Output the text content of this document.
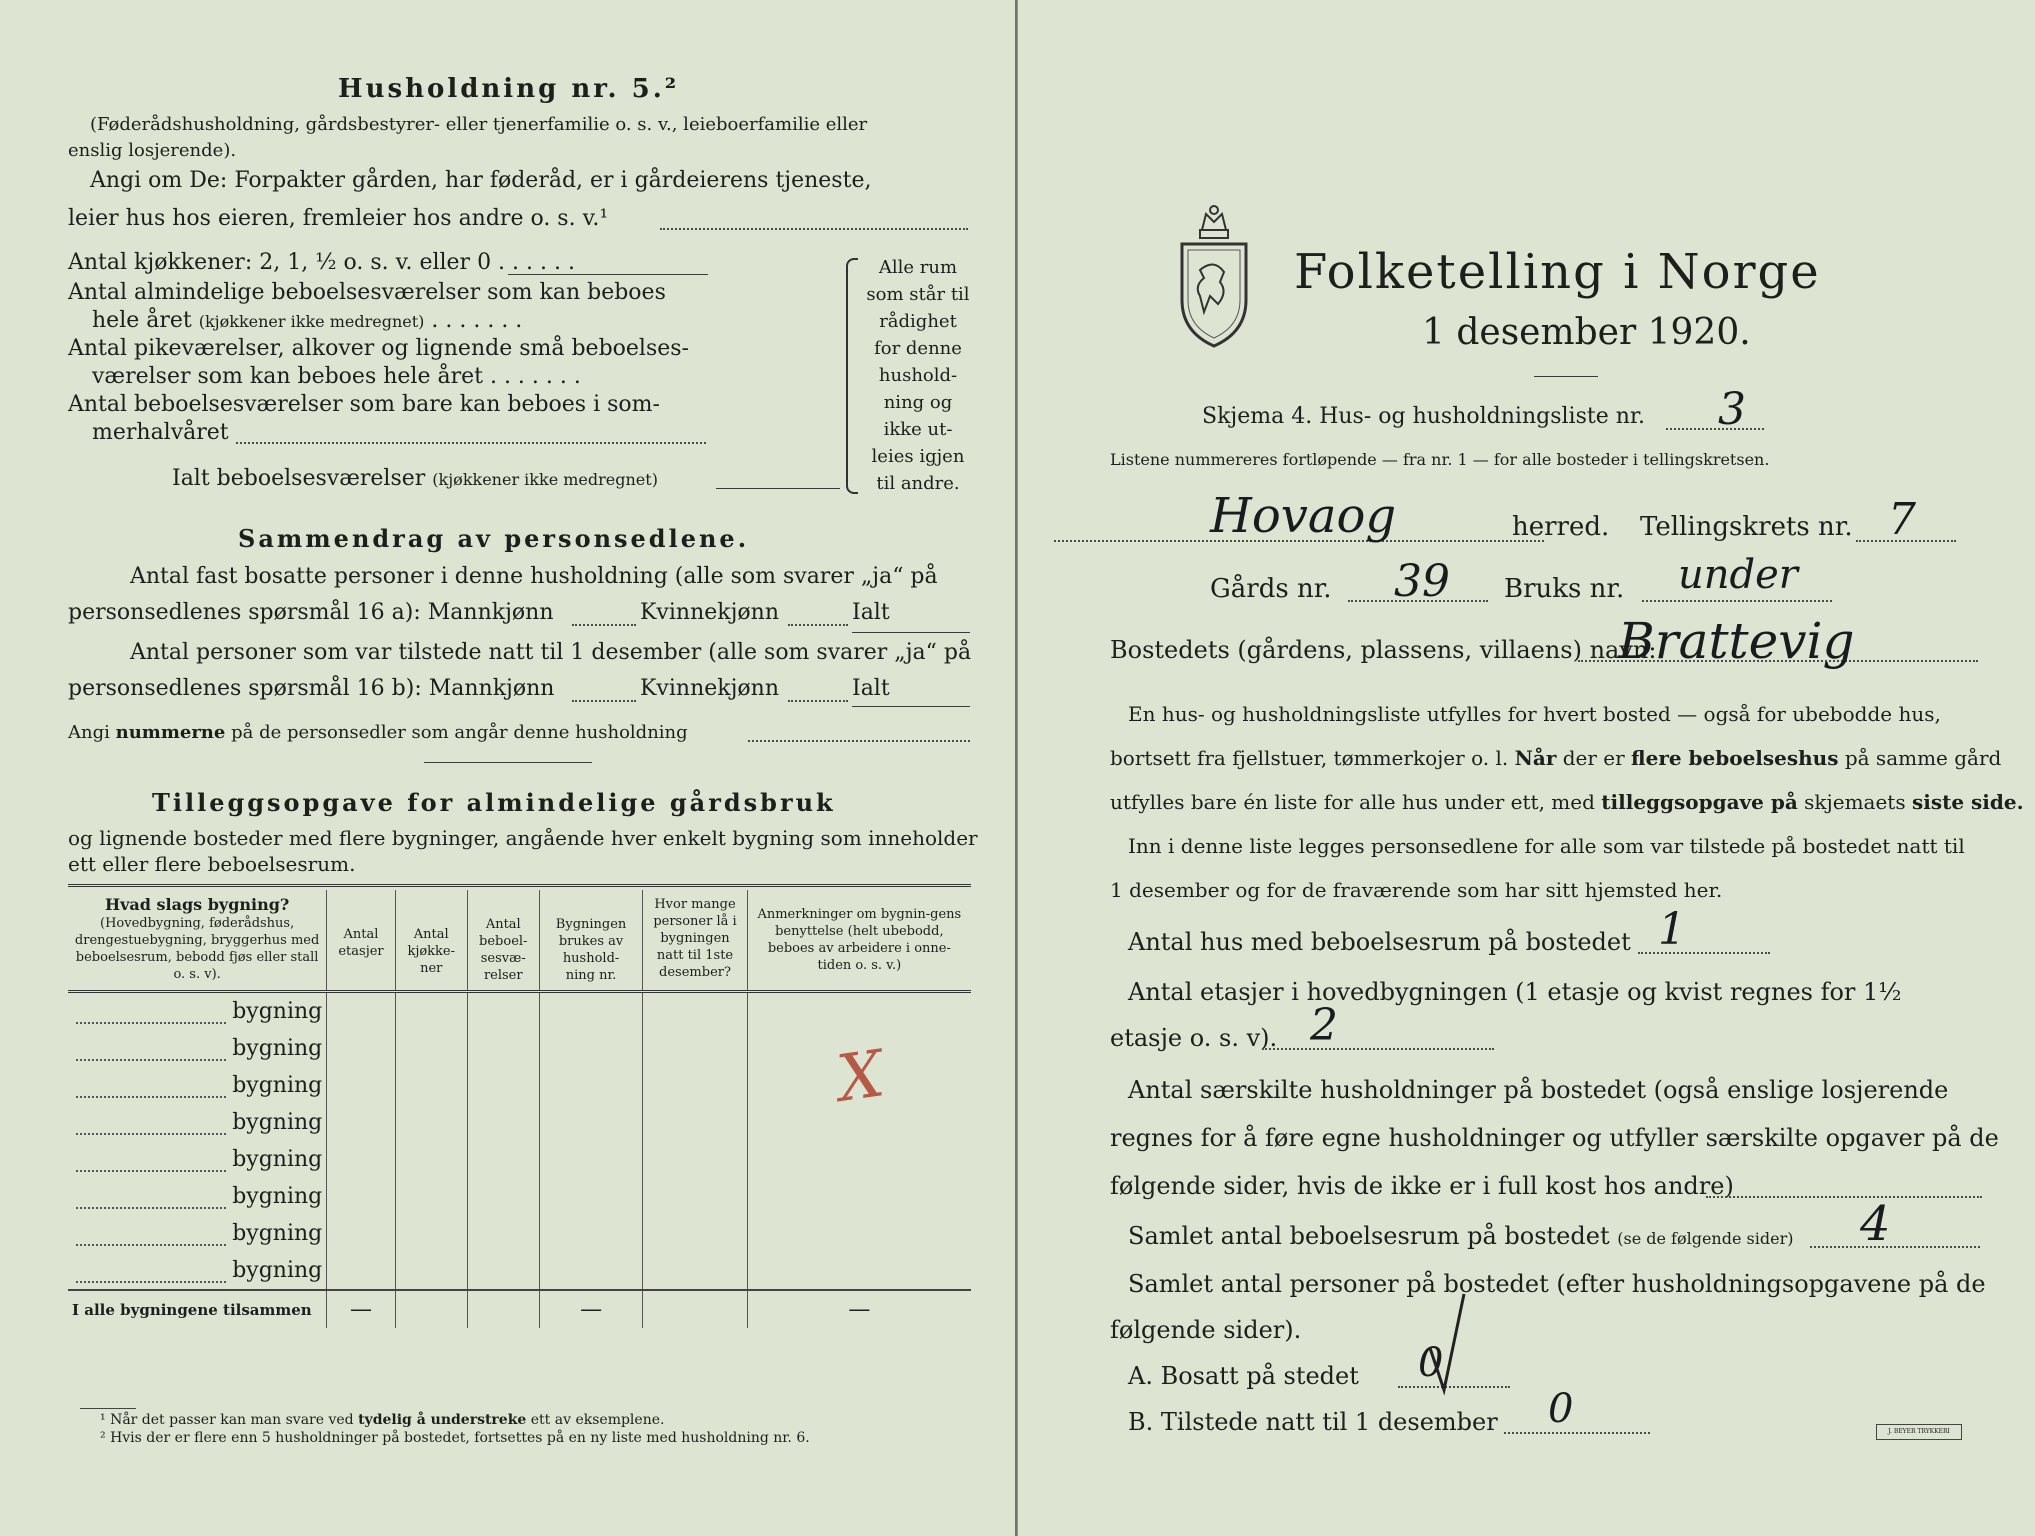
Husholdning nr. 5.²
(Føderådshusholdning, gårdsbestyrer- eller tjenerfamilie o. s. v., leieboerfamilie eller
enslig losjerende).
Angi om De: Forpakter gården, har føderåd, er i gårdeierens tjeneste,
leier hus hos eieren, fremleier hos andre o. s. v.¹
Antal kjøkkener: 2, 1, ½ o. s. v. eller 0 . . . . . .
Antal almindelige beboelsesværelser som kan beboes
hele året (kjøkkener ikke medregnet) . . . . . . .
Antal pikeværelser, alkover og lignende små beboelses-
værelser som kan beboes hele året . . . . . . .
Antal beboelsesværelser som bare kan beboes i som-
merhalvåret
Ialt beboelsesværelser (kjøkkener ikke medregnet)
Alle rum
som står til
rådighet
for denne
hushold-
ning og
ikke ut-
leies igjen
til andre.
Sammendrag av personsedlene.
Antal fast bosatte personer i denne husholdning (alle som svarer „ja“ på
personsedlenes spørsmål 16 a): Mannkjønn	Kvinnekjønn	Ialt
Antal personer som var tilstede natt til 1 desember (alle som svarer „ja“ på
personsedlenes spørsmål 16 b): Mannkjønn	Kvinnekjønn	Ialt
Angi nummerne på de personsedler som angår denne husholdning
Tilleggsopgave for almindelige gårdsbruk
og lignende bosteder med flere bygninger, angående hver enkelt bygning som inneholder
ett eller flere beboelsesrum.
Hvad slags bygning?
(Hovedbygning, føderådshus, drengestuebygning, bryggerhus med beboelsesrum, bebodd fjøs eller stall o. s. v).	Antal etasjer	Antal kjøkke-ner	Antal beboel-sesvæ-relser	Bygningen brukes av hushold-ning nr.	Hvor mange personer lå i bygningen natt til 1ste desember?	Anmerkninger om bygnin-gens benyttelse (helt ubebodd, beboes av arbeidere i onne-tiden o. s. v.)

bygning						
bygning						
bygning						
bygning						
bygning						
bygning						
bygning						
bygning						
I alle bygningene tilsammen	—			—		—
X
¹ Når det passer kan man svare ved tydelig å understreke ett av eksemplene.
² Hvis der er flere enn 5 husholdninger på bostedet, fortsettes på en ny liste med husholdning nr. 6.
Folketelling i Norge
1 desember 1920.
Skjema 4. Hus- og husholdningsliste nr. 3
Listene nummereres fortløpende — fra nr. 1 — for alle bosteder i tellingskretsen.
Hovaog	herred. Tellingskrets nr. 7
Gårds nr. 39 Bruks nr. under
Bostedets (gårdens, plassens, villaens) navn:
Brattevig
En hus- og husholdningsliste utfylles for hvert bosted — også for ubebodde hus,
bortsett fra fjellstuer, tømmerkojer o. l. Når der er flere beboelseshus på samme gård
utfylles bare én liste for alle hus under ett, med tilleggsopgave på skjemaets siste side.
Inn i denne liste legges personsedlene for alle som var tilstede på bostedet natt til
1 desember og for de fraværende som har sitt hjemsted her.
Antal hus med beboelsesrum på bostedet 1
Antal etasjer i hovedbygningen (1 etasje og kvist regnes for 1½
etasje o. s. v). 2
Antal særskilte husholdninger på bostedet (også enslige losjerende
regnes for å føre egne husholdninger og utfyller særskilte opgaver på de
følgende sider, hvis de ikke er i full kost hos andre)
Samlet antal beboelsesrum på bostedet (se de følgende sider) 4
Samlet antal personer på bostedet (efter husholdningsopgavene på de
følgende sider).
A. Bosatt på stedet 0
B. Tilstede natt til 1 desember 0	J. BEYER TRYKKERI
